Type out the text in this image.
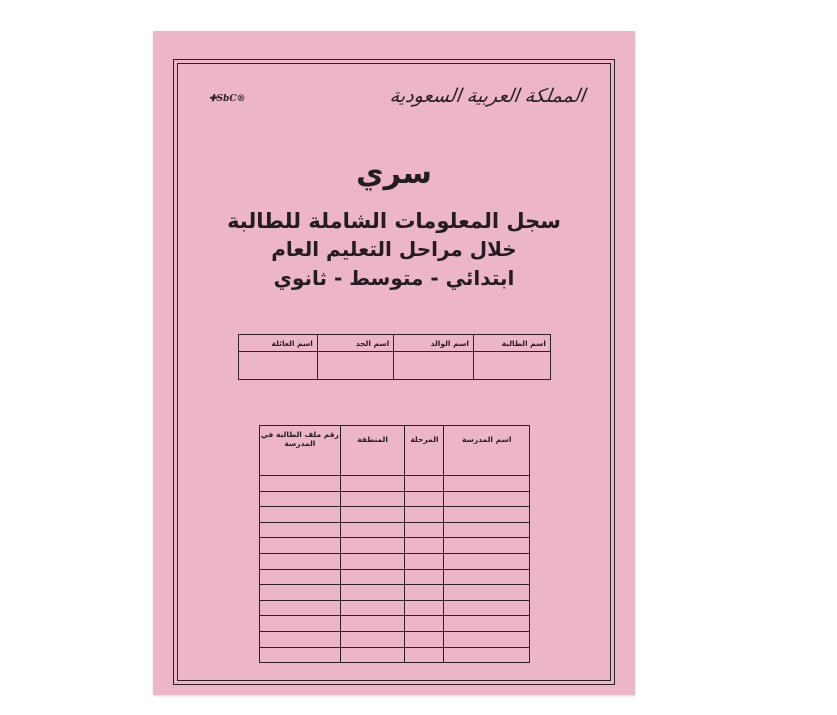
✚SbC®	المملكة العربية السعودية
سري
سجل المعلومات الشاملة للطالبة
خلال مراحل التعليم العام
ابتدائي - متوسط - ثانوي
اسم الطالبة	اسم الوالد	اسم الجد	اسم العائلة

اسم المدرسة	المرحلة	المنطقة	رقم ملف الطالبة في المدرسة
